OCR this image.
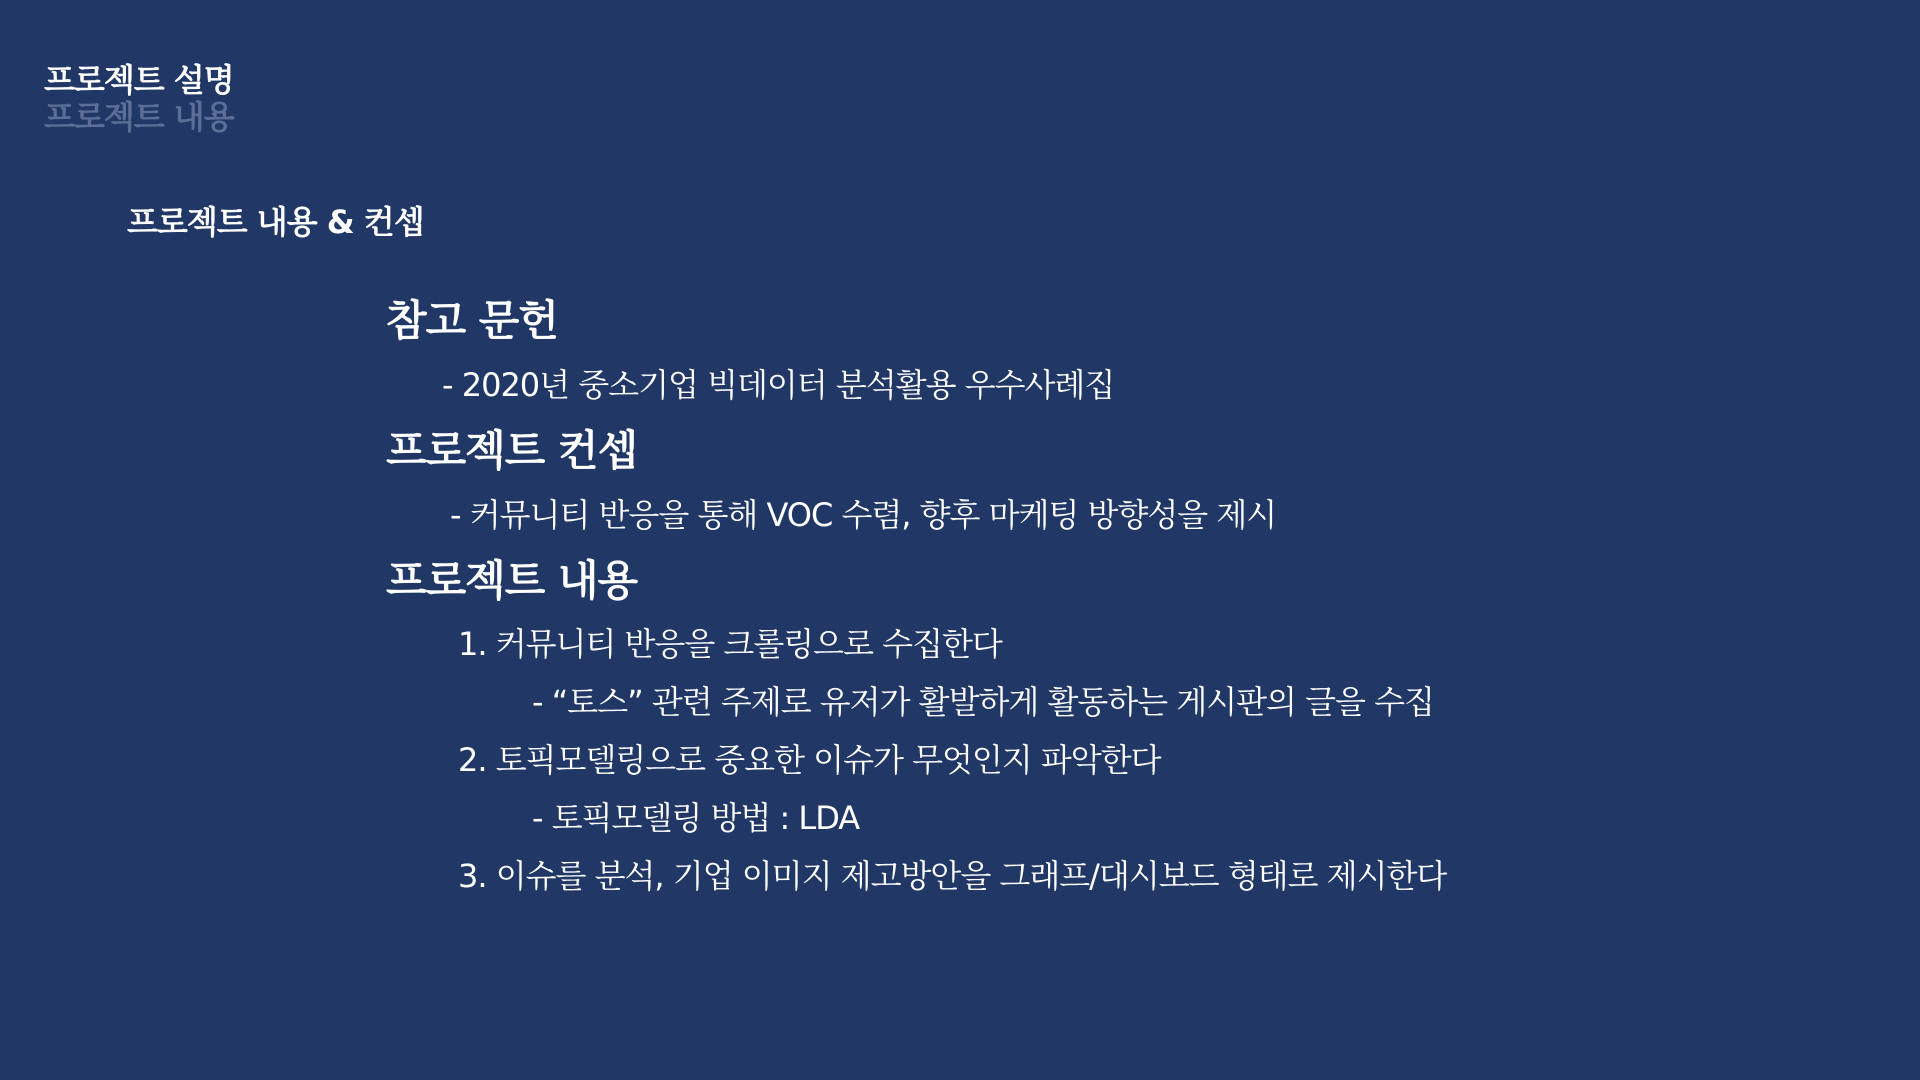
프로젝트 설명
프로젝트 내용
프로젝트 내용 & 컨셉
참고 문헌
- 2020년 중소기업 빅데이터 분석활용 우수사례집
프로젝트 컨셉
- 커뮤니티 반응을 통해 VOC 수렴, 향후 마케팅 방향성을 제시
프로젝트 내용
1. 커뮤니티 반응을 크롤링으로 수집한다
- “토스” 관련 주제로 유저가 활발하게 활동하는 게시판의 글을 수집
2. 토픽모델링으로 중요한 이슈가 무엇인지 파악한다
- 토픽모델링 방법 : LDA
3. 이슈를 분석, 기업 이미지 제고방안을 그래프/대시보드 형태로 제시한다
